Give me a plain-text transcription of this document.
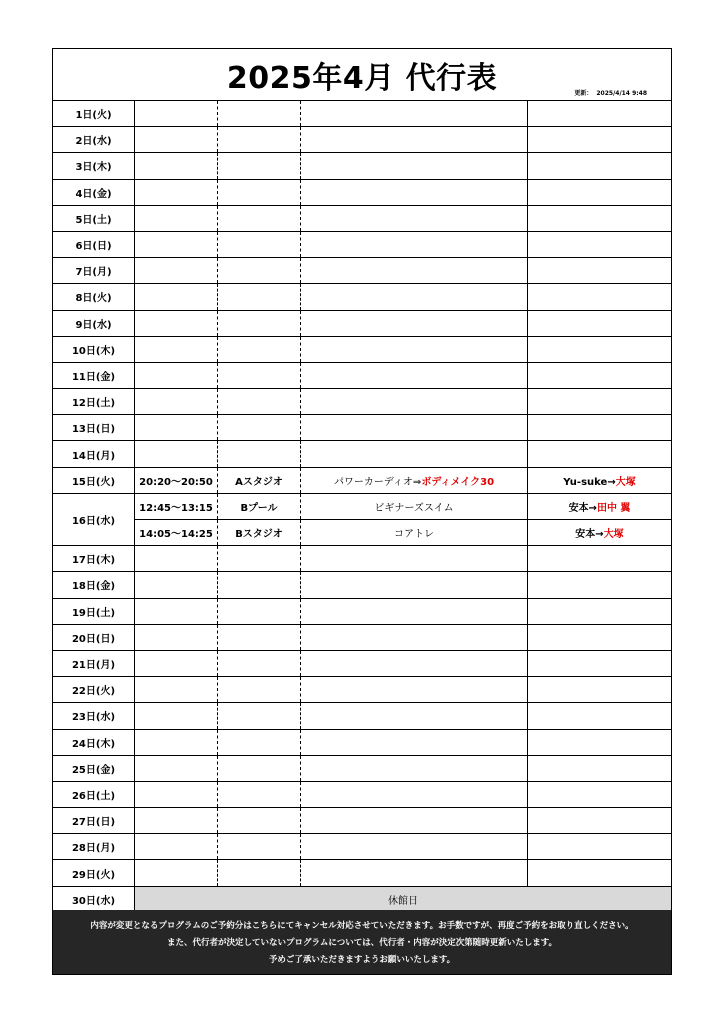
2025年4月 代行表	更新： 2025/4/14 9:48
1日(火)				
2日(水)				
3日(木)				
4日(金)				
5日(土)				
6日(日)				
7日(月)				
8日(火)				
9日(水)				
10日(木)				
11日(金)				
12日(土)				
13日(日)				
14日(月)				
15日(火)	20:20～20:50	Aスタジオ	パワーカーディオ⇒ボディメイク30	Yu-suke→大塚
16日(水)	12:45～13:15	Bプール	ビギナーズスイム	安本→田中 翼
	14:05～14:25	Bスタジオ	コアトレ	安本→大塚
17日(木)				
18日(金)				
19日(土)				
20日(日)				
21日(月)				
22日(火)				
23日(水)				
24日(木)				
25日(金)				
26日(土)				
27日(日)				
28日(月)				
29日(火)				
30日(水)	休館日			
内容が変更となるプログラムのご予約分はこちらにてキャンセル対応させていただきます。お手数ですが、再度ご予約をお取り直しください。
また、代行者が決定していないプログラムについては、代行者・内容が決定次第随時更新いたします。
予めご了承いただきますようお願いいたします。
